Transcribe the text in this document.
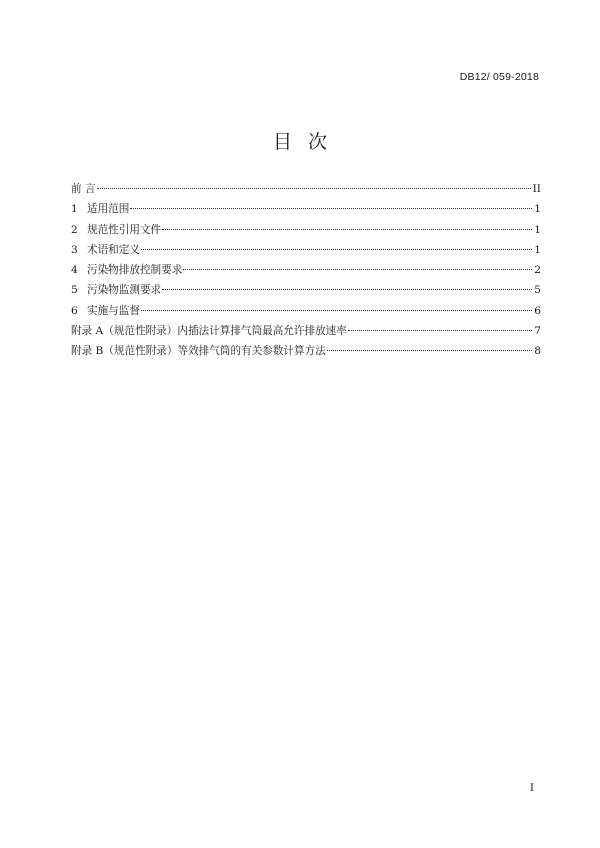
DB12/ 059-2018
目次
前 言	II
1 适用范围	1
2 规范性引用文件	1
3 术语和定义	1
4 污染物排放控制要求	2
5 污染物监测要求	5
6 实施与监督	6
附录 A（规范性附录）内插法计算排气筒最高允许排放速率	7
附录 B（规范性附录）等效排气筒的有关参数计算方法	8
I
